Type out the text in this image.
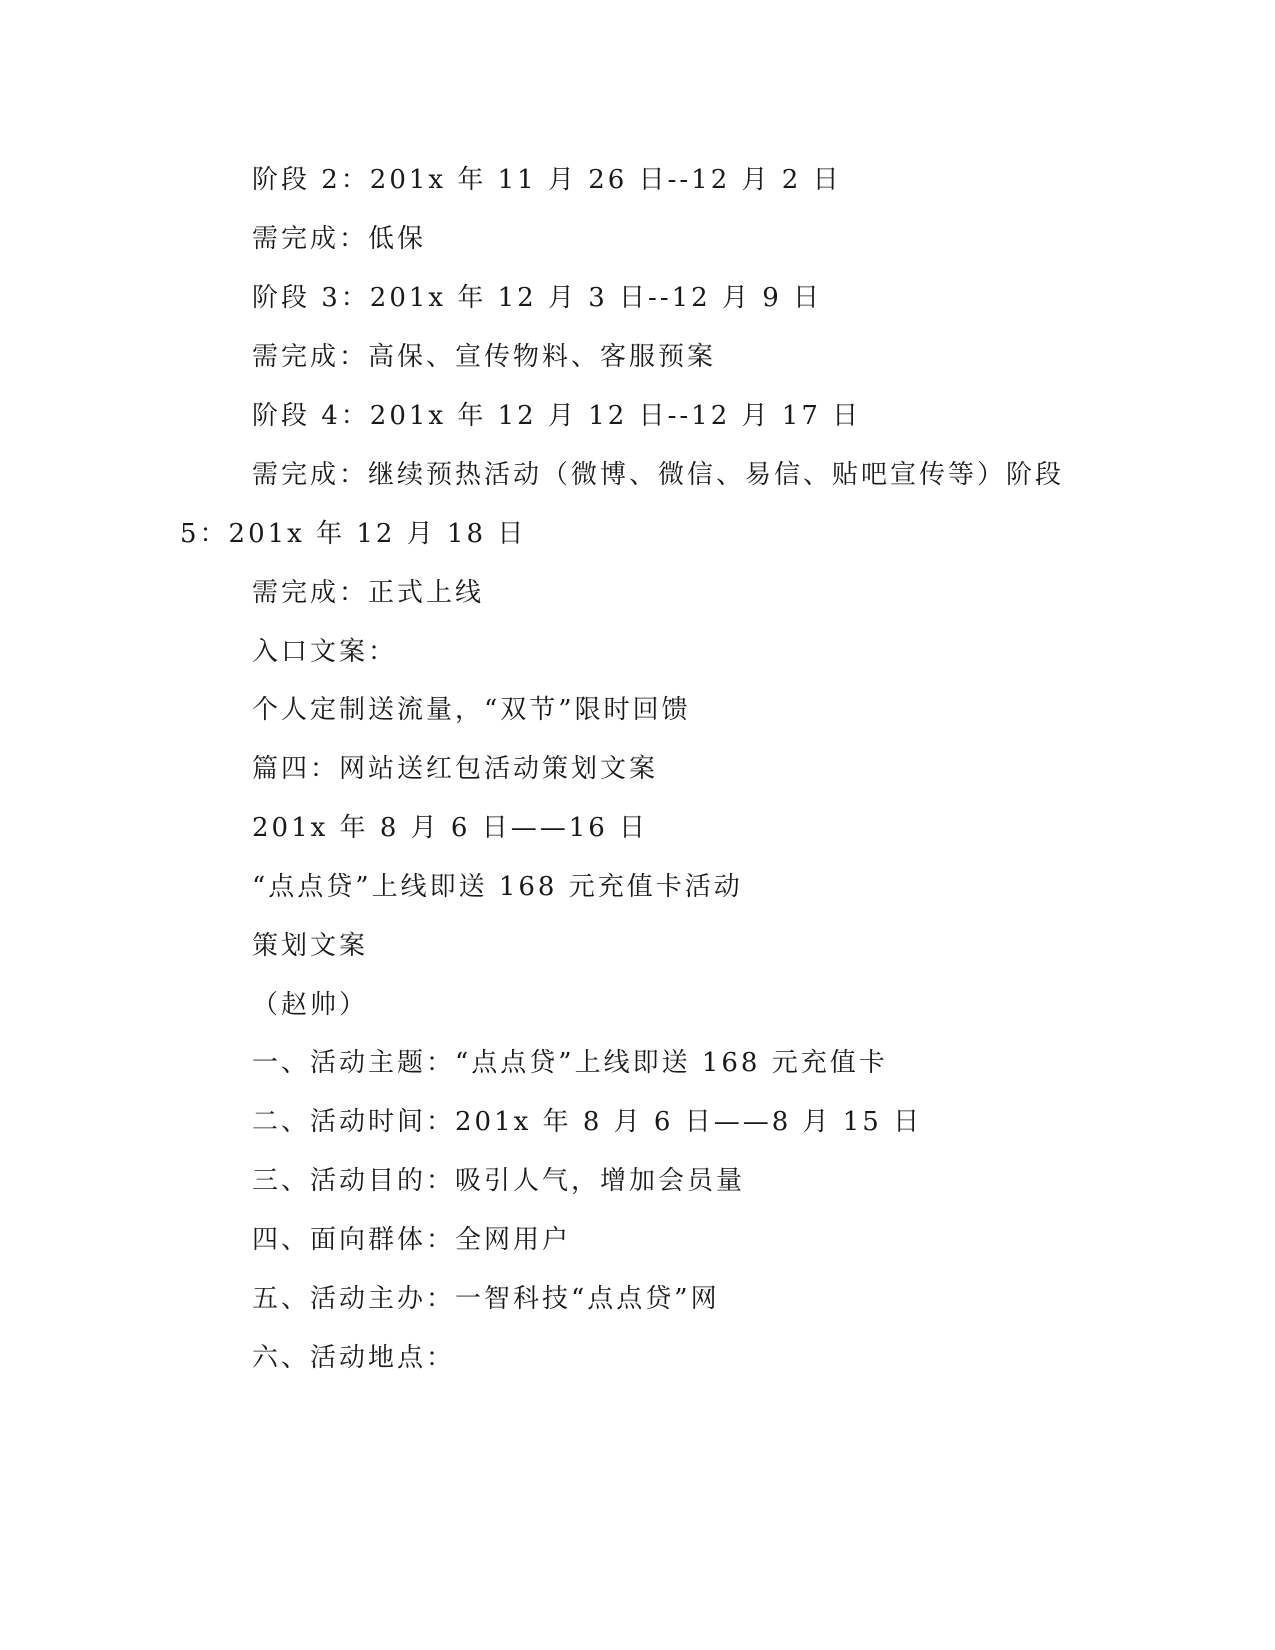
阶段 2：201x 年 11 月 26 日--12 月 2 日
需完成：低保
阶段 3：201x 年 12 月 3 日--12 月 9 日
需完成：高保、宣传物料、客服预案
阶段 4：201x 年 12 月 12 日--12 月 17 日
需完成：继续预热活动（微博、微信、易信、贴吧宣传等）阶段
5：201x 年 12 月 18 日
需完成：正式上线
入口文案：
个人定制送流量，“双节”限时回馈
篇四：网站送红包活动策划文案
201x 年 8 月 6 日——16 日
“点点贷”上线即送 168 元充值卡活动
策划文案
（赵帅）
一、活动主题：“点点贷”上线即送 168 元充值卡
二、活动时间：201x 年 8 月 6 日——8 月 15 日
三、活动目的：吸引人气，增加会员量
四、面向群体：全网用户
五、活动主办：一智科技“点点贷”网
六、活动地点：
